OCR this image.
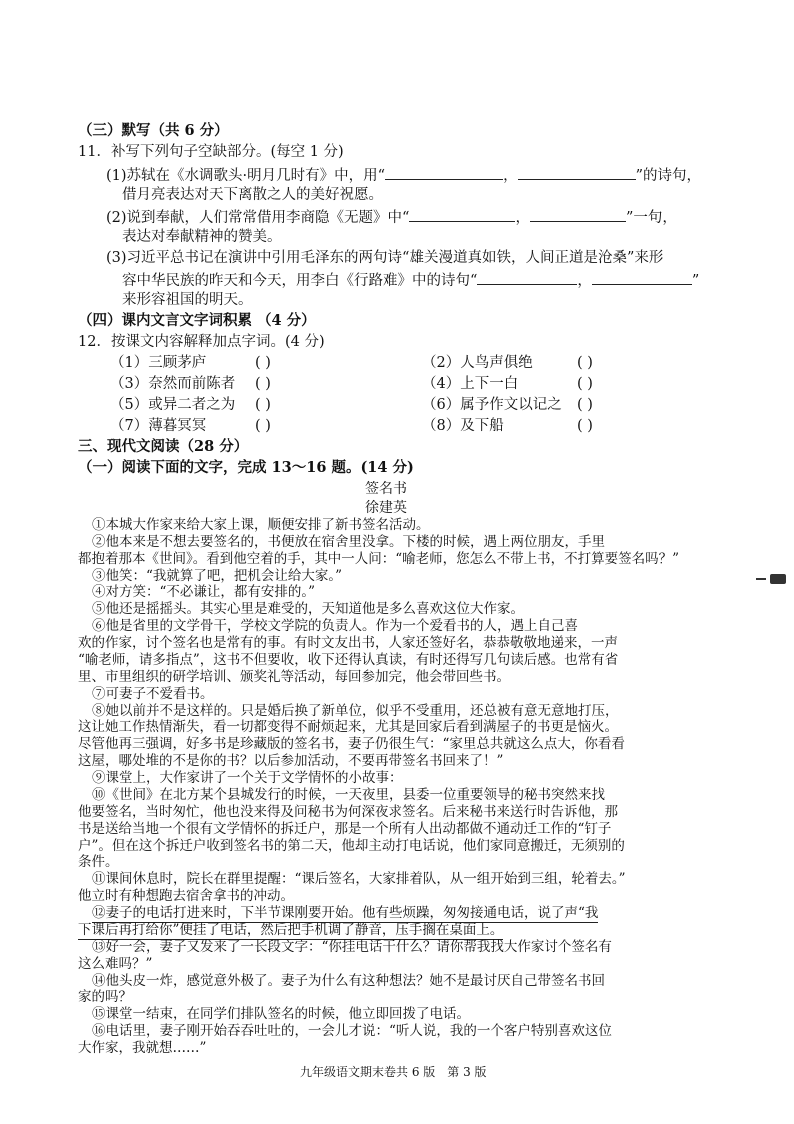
（三）默写（共 6 分）
11．补写下列句子空缺部分。(每空 1 分)
(1)苏轼在《水调歌头·明月几时有》中，用“	，	”的诗句，
借月亮表达对天下离散之人的美好祝愿。
(2)说到奉献，人们常常借用李商隐《无题》中“	，	”一句，
表达对奉献精神的赞美。
(3)习近平总书记在演讲中引用毛泽东的两句诗“雄关漫道真如铁，人间正道是沧桑”来形
容中华民族的昨天和今天，用李白《行路难》中的诗句“	，	”
来形容祖国的明天。
（四）课内文言文字词积累 （4 分）
12．按课文内容解释加点字词。(4 分)
（1）三顾茅庐	( )	（2）人鸟声俱绝	( )
（3）奈然而前陈者 ( )	（4）上下一白	( )
（5）或异二者之为 ( )	（6）属予作文以记之 ( )
（7）薄暮冥冥	( )	（8）及下船	( )
三、现代文阅读（28 分）
（一）阅读下面的文字，完成 13～16 题。(14 分)
签名书
徐建英
①本城大作家来给大家上课，顺便安排了新书签名活动。
②他本来是不想去要签名的，书便放在宿舍里没拿。下楼的时候，遇上两位朋友，手里
都抱着那本《世间》。看到他空着的手，其中一人问：“喻老师，您怎么不带上书，不打算要签名吗？”
③他笑：“我就算了吧，把机会让给大家。”
④对方笑：“不必谦让，都有安排的。”
⑤他还是摇摇头。其实心里是难受的，天知道他是多么喜欢这位大作家。
⑥他是省里的文学骨干，学校文学院的负责人。作为一个爱看书的人，遇上自己喜
欢的作家，讨个签名也是常有的事。有时文友出书，人家还签好名，恭恭敬敬地递来，一声
“喻老师，请多指点”，这书不但要收，收下还得认真读，有时还得写几句读后感。也常有省
里、市里组织的研学培训、颁奖礼等活动，每回参加完，他会带回些书。
⑦可妻子不爱看书。
⑧她以前并不是这样的。只是婚后换了新单位，似乎不受重用，还总被有意无意地打压，
这让她工作热情渐失，看一切都变得不耐烦起来，尤其是回家后看到满屋子的书更是恼火。
尽管他再三强调，好多书是珍藏版的签名书，妻子仍很生气：“家里总共就这么点大，你看看
这屋，哪处堆的不是你的书？以后参加活动，不要再带签名书回来了！”
⑨课堂上，大作家讲了一个关于文学情怀的小故事：
⑩《世间》在北方某个县城发行的时候，一天夜里，县委一位重要领导的秘书突然来找
他要签名，当时匆忙，他也没来得及问秘书为何深夜求签名。后来秘书来送行时告诉他，那
书是送给当地一个很有文学情怀的拆迁户，那是一个所有人出动都做不通动迁工作的“钉子
户”。但在这个拆迁户收到签名书的第二天，他却主动打电话说，他们家同意搬迁，无须别的
条件。
⑪课间休息时，院长在群里提醒：“课后签名，大家排着队，从一组开始到三组，轮着去。”
他立时有种想跑去宿舍拿书的冲动。
⑫妻子的电话打进来时，下半节课刚要开始。他有些烦躁，匆匆接通电话，说了声“我
下课后再打给你”便挂了电话，然后把手机调了静音，压手搁在桌面上。
⑬好一会，妻子又发来了一长段文字：“你挂电话干什么？请你帮我找大作家讨个签名有
这么难吗？”
⑭他头皮一炸，感觉意外极了。妻子为什么有这种想法？她不是最讨厌自己带签名书回
家的吗？
⑮课堂一结束，在同学们排队签名的时候，他立即回拨了电话。
⑯电话里，妻子刚开始吞吞吐吐的，一会儿才说：“听人说，我的一个客户特别喜欢这位
大作家，我就想……”
九年级语文期末卷共 6 版　第 3 版
